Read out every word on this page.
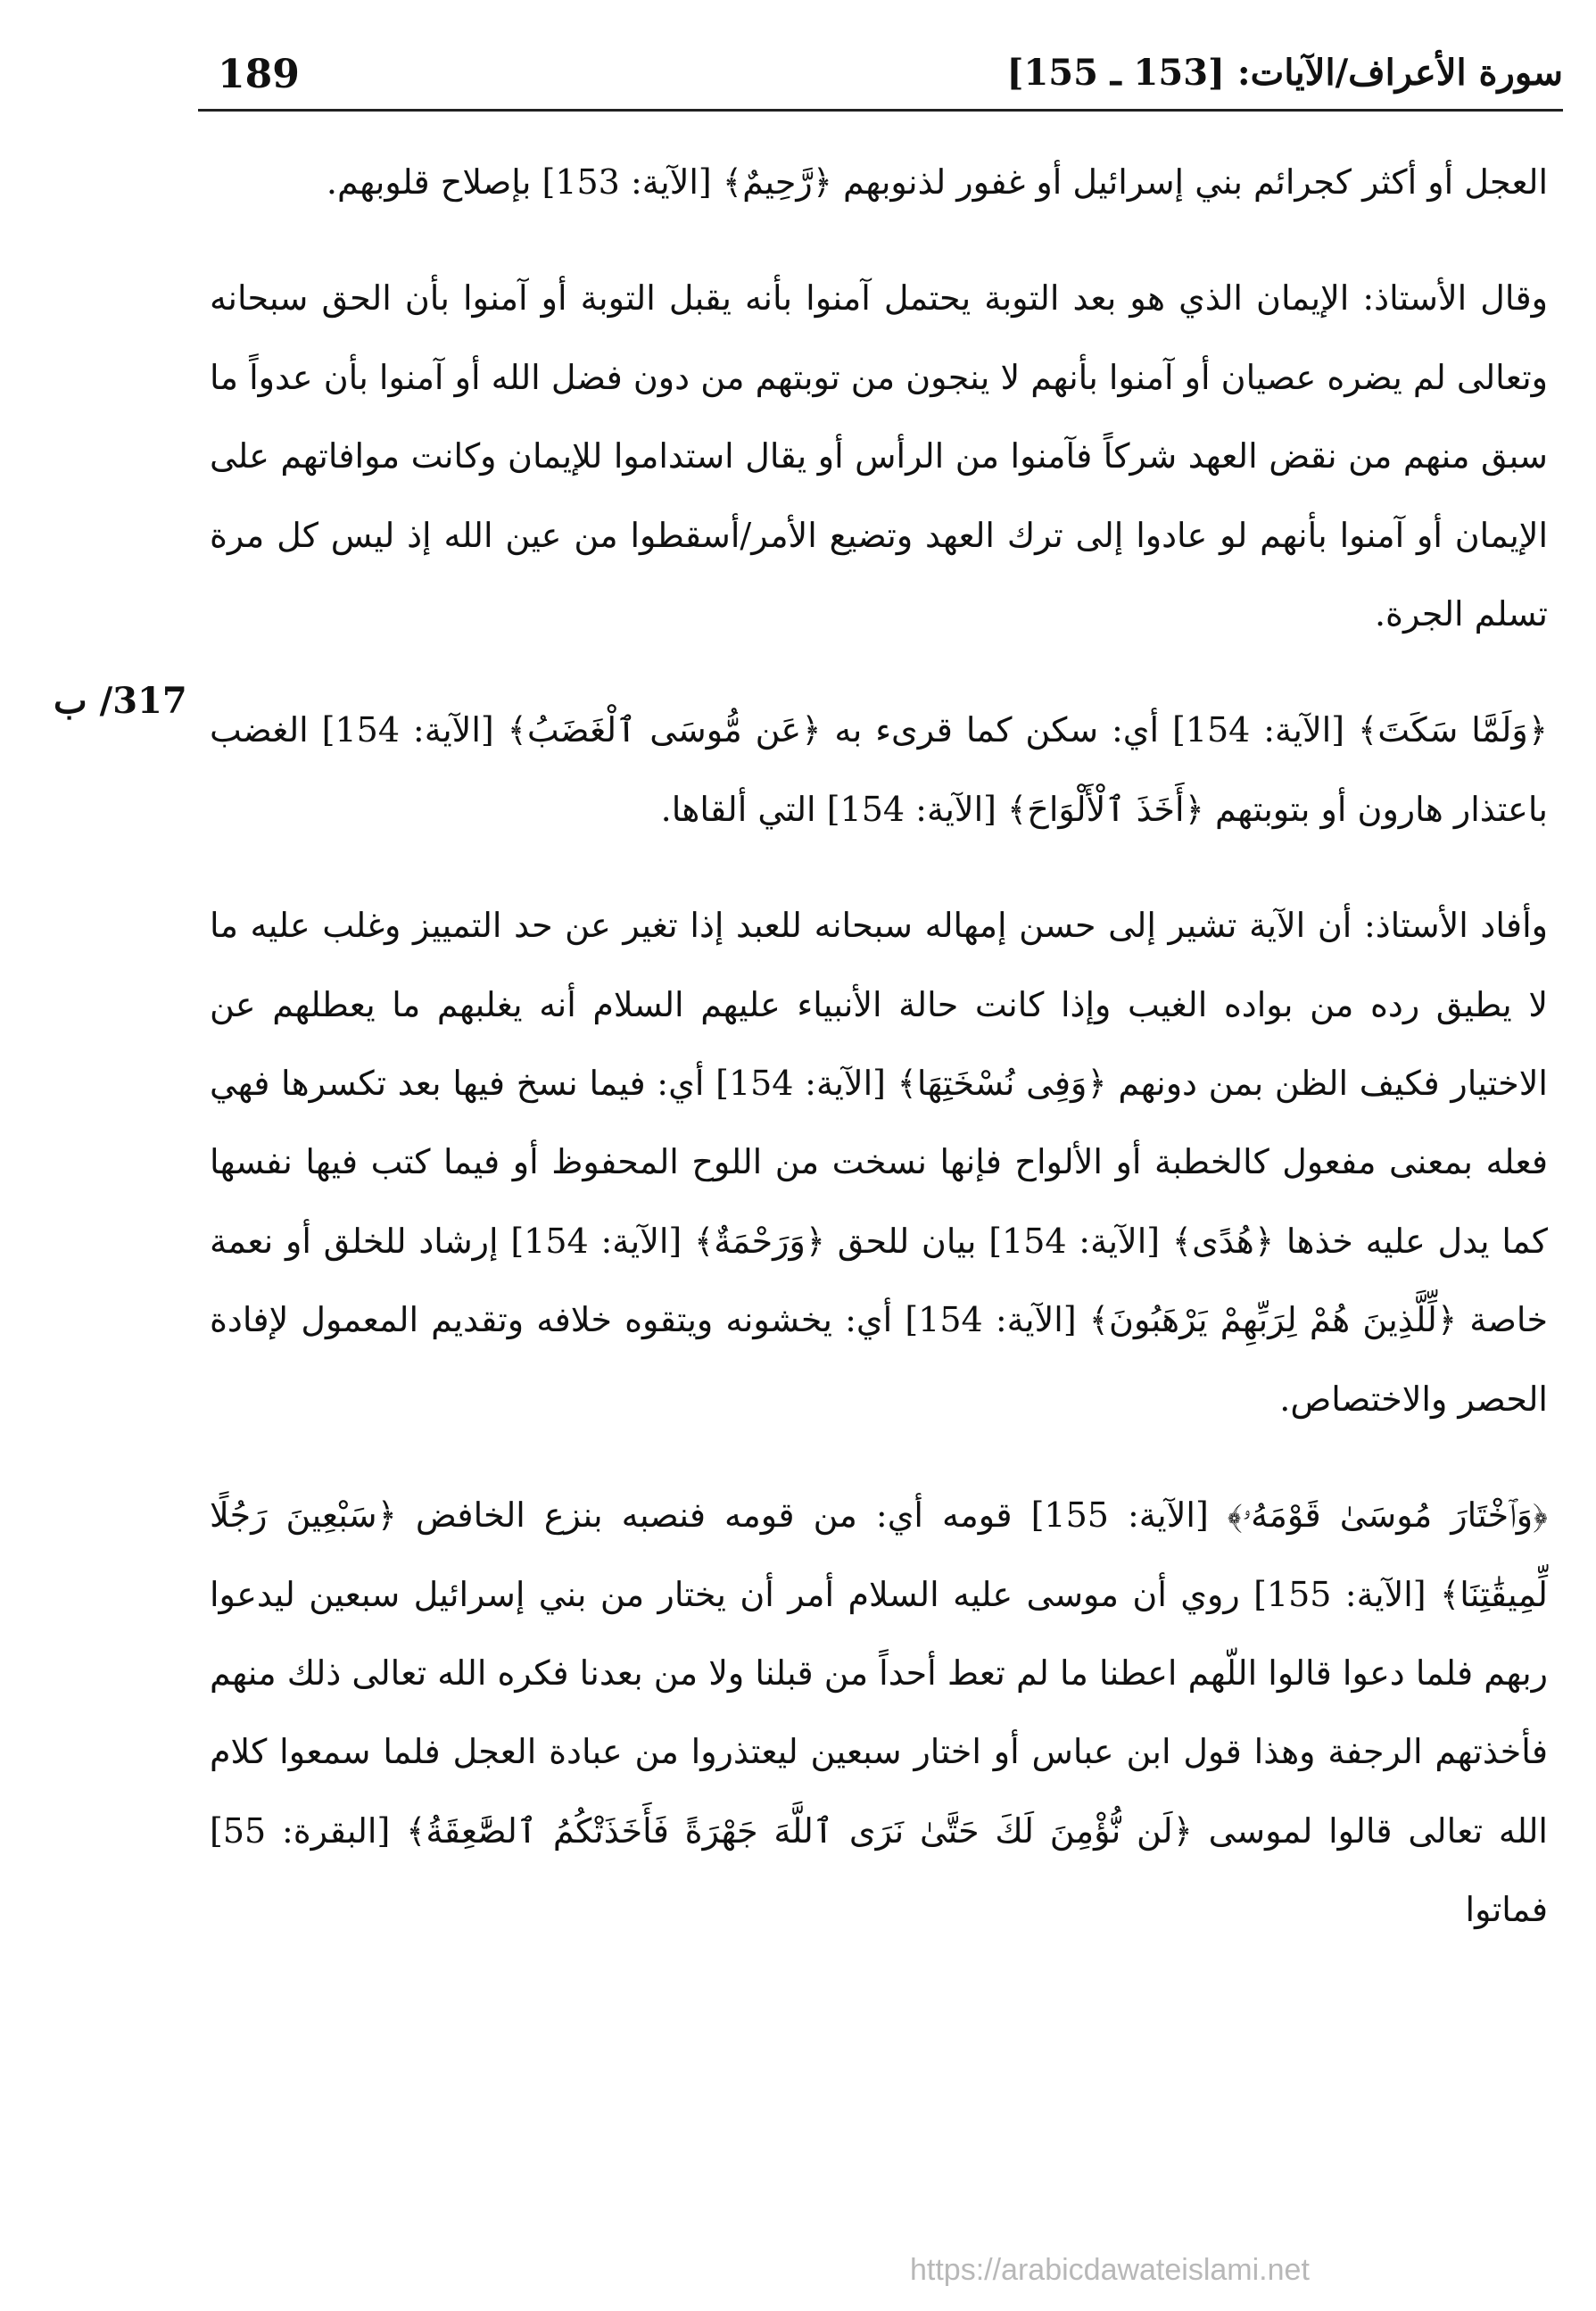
سورة الأعراف/الآيات: [153 ـ 155]
189
317/ ب

العجل أو أكثر كجرائم بني إسرائيل أو غفور لذنوبهم ﴿رَّحِيمٌ﴾ [الآية: 153] بإصلاح قلوبهم.

وقال الأستاذ: الإيمان الذي هو بعد التوبة يحتمل آمنوا بأنه يقبل التوبة أو آمنوا بأن الحق سبحانه وتعالى لم يضره عصيان أو آمنوا بأنهم لا ينجون من توبتهم من دون فضل الله أو آمنوا بأن عدواً ما سبق منهم من نقض العهد شركاً فآمنوا من الرأس أو يقال استداموا للإيمان وكانت موافاتهم على الإيمان أو آمنوا بأنهم لو عادوا إلى ترك العهد وتضيع الأمر/أسقطوا من عين الله إذ ليس كل مرة تسلم الجرة.

﴿وَلَمَّا سَكَتَ﴾ [الآية: 154] أي: سكن كما قرىء به ﴿عَن مُّوسَى ٱلْغَضَبُ﴾ [الآية: 154] الغضب باعتذار هارون أو بتوبتهم ﴿أَخَذَ ٱلْأَلْوَاحَ﴾ [الآية: 154] التي ألقاها.

وأفاد الأستاذ: أن الآية تشير إلى حسن إمهاله سبحانه للعبد إذا تغير عن حد التمييز وغلب عليه ما لا يطيق رده من بواده الغيب وإذا كانت حالة الأنبياء عليهم السلام أنه يغلبهم ما يعطلهم عن الاختيار فكيف الظن بمن دونهم ﴿وَفِى نُسْخَتِهَا﴾ [الآية: 154] أي: فيما نسخ فيها بعد تكسرها فهي فعله بمعنى مفعول كالخطبة أو الألواح فإنها نسخت من اللوح المحفوظ أو فيما كتب فيها نفسها كما يدل عليه خذها ﴿هُدًى﴾ [الآية: 154] بيان للحق ﴿وَرَحْمَةٌ﴾ [الآية: 154] إرشاد للخلق أو نعمة خاصة ﴿لِّلَّذِينَ هُمْ لِرَبِّهِمْ يَرْهَبُونَ﴾ [الآية: 154] أي: يخشونه ويتقوه خلافه وتقديم المعمول لإفادة الحصر والاختصاص.

﴿وَٱخْتَارَ مُوسَىٰ قَوْمَهُۥ﴾ [الآية: 155] قومه أي: من قومه فنصبه بنزع الخافض ﴿سَبْعِينَ رَجُلًا لِّمِيقَٰتِنَا﴾ [الآية: 155] روي أن موسى عليه السلام أمر أن يختار من بني إسرائيل سبعين ليدعوا ربهم فلما دعوا قالوا اللّهم اعطنا ما لم تعط أحداً من قبلنا ولا من بعدنا فكره الله تعالى ذلك منهم فأخذتهم الرجفة وهذا قول ابن عباس أو اختار سبعين ليعتذروا من عبادة العجل فلما سمعوا كلام الله تعالى قالوا لموسى ﴿لَن نُّؤْمِنَ لَكَ حَتَّىٰ نَرَى ٱللَّهَ جَهْرَةً فَأَخَذَتْكُمُ ٱلصَّٰعِقَةُ﴾ [البقرة: 55] فماتوا

https://arabicdawateislami.net
